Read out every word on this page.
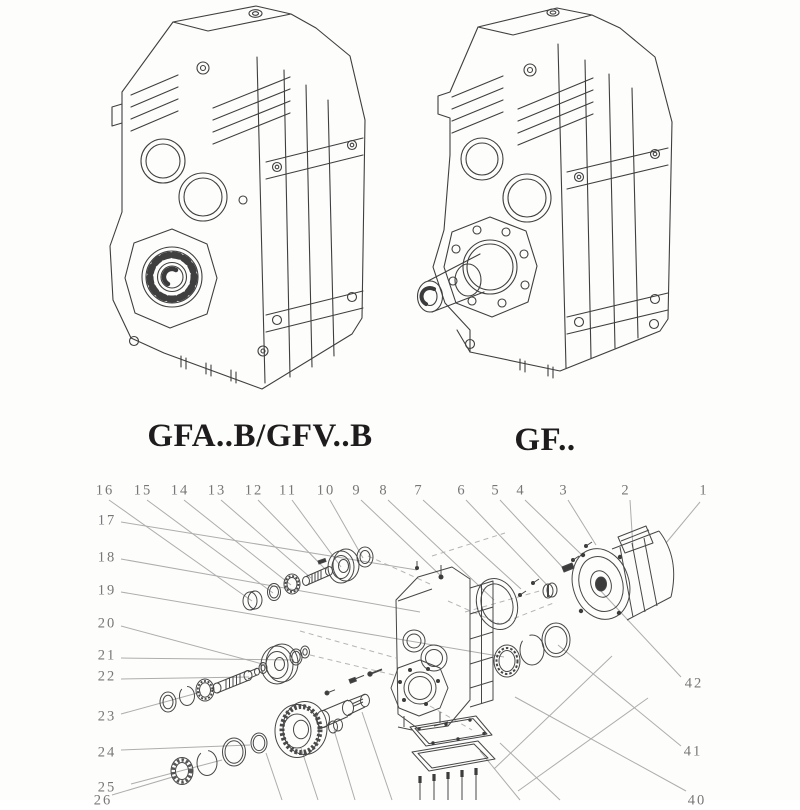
GFA..B/GFV..B	GF..
16 15 14 13 12 11 10 9 8 7 6 5 4 3	2	1
17
18
19
20
21
22
23
24
25
26
42
41
40
